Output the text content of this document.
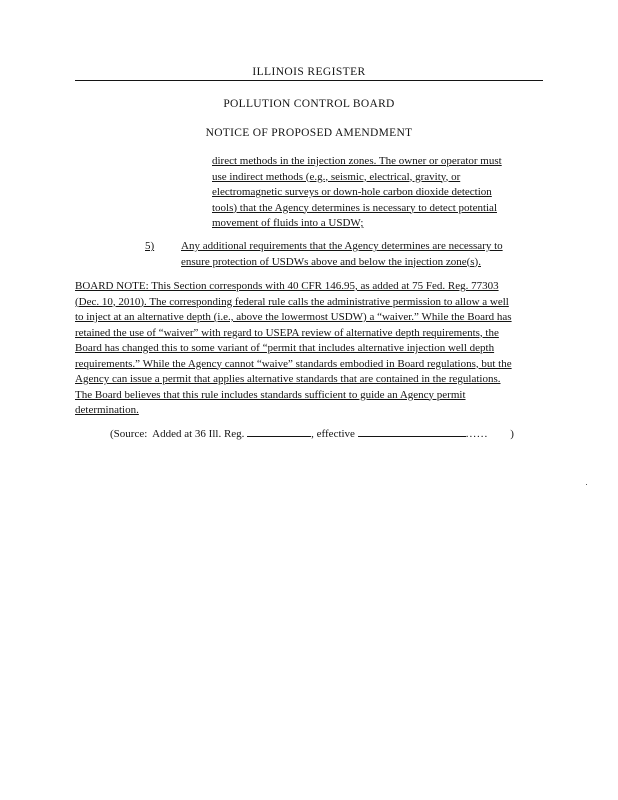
ILLINOIS REGISTER
POLLUTION CONTROL BOARD
NOTICE OF PROPOSED AMENDMENT
direct methods in the injection zones. The owner or operator must
use indirect methods (e.g., seismic, electrical, gravity, or
electromagnetic surveys or down-hole carbon dioxide detection
tools) that the Agency determines is necessary to detect potential
movement of fluids into a USDW;
5) Any additional requirements that the Agency determines are necessary to
ensure protection of USDWs above and below the injection zone(s).
BOARD NOTE: This Section corresponds with 40 CFR 146.95, as added at 75 Fed. Reg. 77303
(Dec. 10, 2010). The corresponding federal rule calls the administrative permission to allow a well
to inject at an alternative depth (i.e., above the lowermost USDW) a “waiver.” While the Board has
retained the use of “waiver” with regard to USEPA review of alternative depth requirements, the
Board has changed this to some variant of “permit that includes alternative injection well depth
requirements.” While the Agency cannot “waive” standards embodied in Board regulations, but the
Agency can issue a permit that applies alternative standards that are contained in the regulations.
The Board believes that this rule includes standards sufficient to guide an Agency permit
determination.
(Source:  Added at 36 Ill. Reg.	, effective	...... )
